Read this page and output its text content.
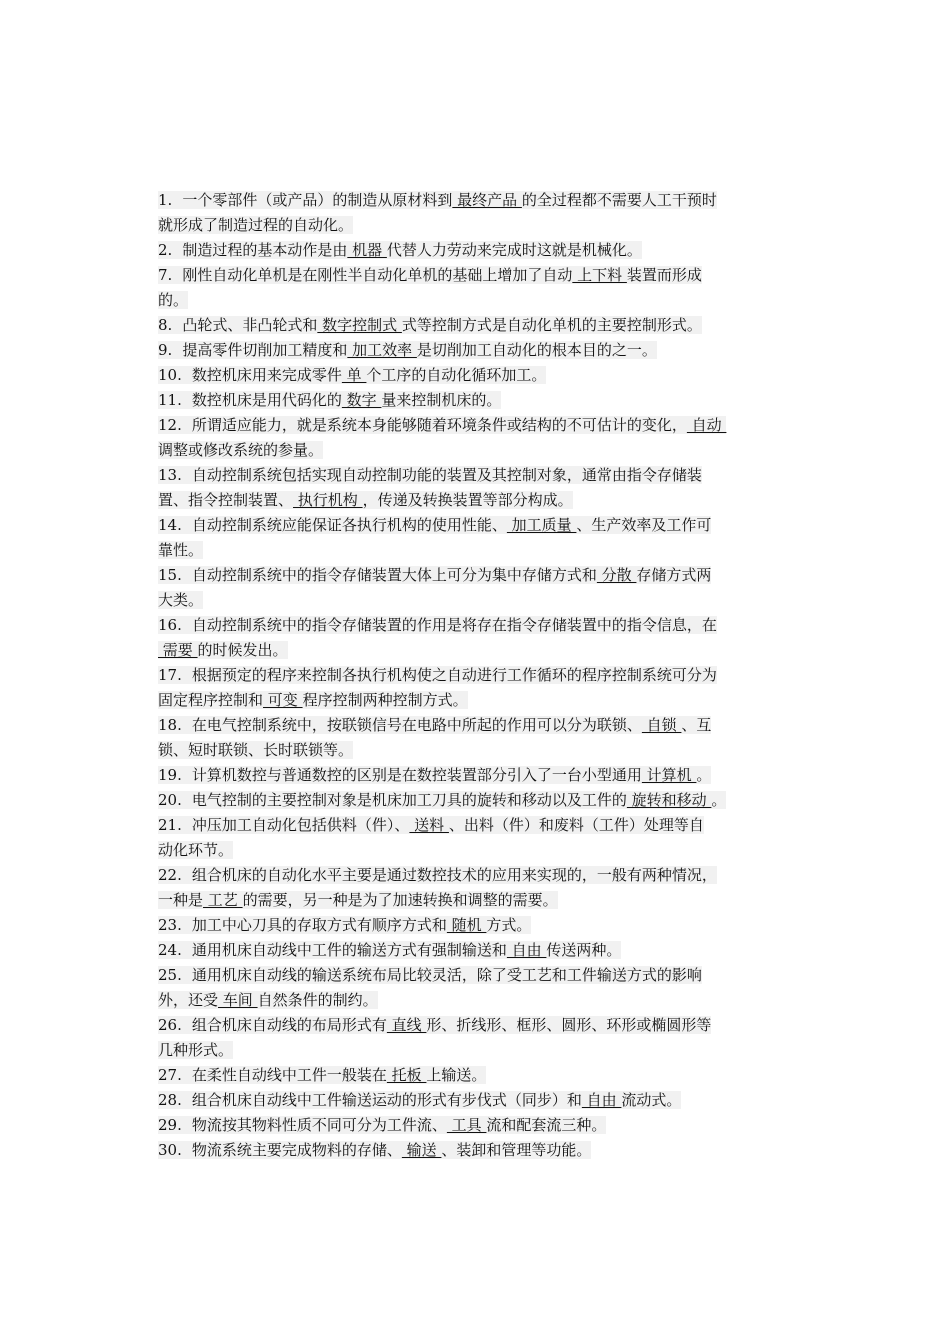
1. 一个零部件（或产品）的制造从原材料到 最终产品 的全过程都不需要人工干预时
就形成了制造过程的自动化。
2. 制造过程的基本动作是由 机器 代替人力劳动来完成时这就是机械化。
7. 刚性自动化单机是在刚性半自动化单机的基础上增加了自动 上下料 装置而形成
的。
8. 凸轮式、非凸轮式和 数字控制式 式等控制方式是自动化单机的主要控制形式。
9. 提高零件切削加工精度和 加工效率 是切削加工自动化的根本目的之一。
10. 数控机床用来完成零件 单 个工序的自动化循环加工。
11. 数控机床是用代码化的 数字 量来控制机床的。
12. 所谓适应能力，就是系统本身能够随着环境条件或结构的不可估计的变化， 自动
调整或修改系统的参量。
13. 自动控制系统包括实现自动控制功能的装置及其控制对象，通常由指令存储装
置、指令控制装置、 执行机构 ，传递及转换装置等部分构成。
14. 自动控制系统应能保证各执行机构的使用性能、 加工质量 、生产效率及工作可
靠性。
15. 自动控制系统中的指令存储装置大体上可分为集中存储方式和 分散 存储方式两
大类。
16. 自动控制系统中的指令存储装置的作用是将存在指令存储装置中的指令信息，在
需要 的时候发出。
17. 根据预定的程序来控制各执行机构使之自动进行工作循环的程序控制系统可分为
固定程序控制和 可变 程序控制两种控制方式。
18. 在电气控制系统中，按联锁信号在电路中所起的作用可以分为联锁、 自锁 、互
锁、短时联锁、长时联锁等。
19. 计算机数控与普通数控的区别是在数控装置部分引入了一台小型通用 计算机 。
20. 电气控制的主要控制对象是机床加工刀具的旋转和移动以及工件的 旋转和移动 。
21. 冲压加工自动化包括供料（件）、 送料 、出料（件）和废料（工件）处理等自
动化环节。
22. 组合机床的自动化水平主要是通过数控技术的应用来实现的，一般有两种情况，
一种是 工艺 的需要，另一种是为了加速转换和调整的需要。
23. 加工中心刀具的存取方式有顺序方式和 随机 方式。
24. 通用机床自动线中工件的输送方式有强制输送和 自由 传送两种。
25. 通用机床自动线的输送系统布局比较灵活，除了受工艺和工件输送方式的影响
外，还受 车间 自然条件的制约。
26. 组合机床自动线的布局形式有 直线 形、折线形、框形、圆形、环形或椭圆形等
几种形式。
27. 在柔性自动线中工件一般装在 托板 上输送。
28. 组合机床自动线中工件输送运动的形式有步伐式（同步）和 自由 流动式。
29. 物流按其物料性质不同可分为工件流、 工具 流和配套流三种。
30. 物流系统主要完成物料的存储、 输送 、装卸和管理等功能。
